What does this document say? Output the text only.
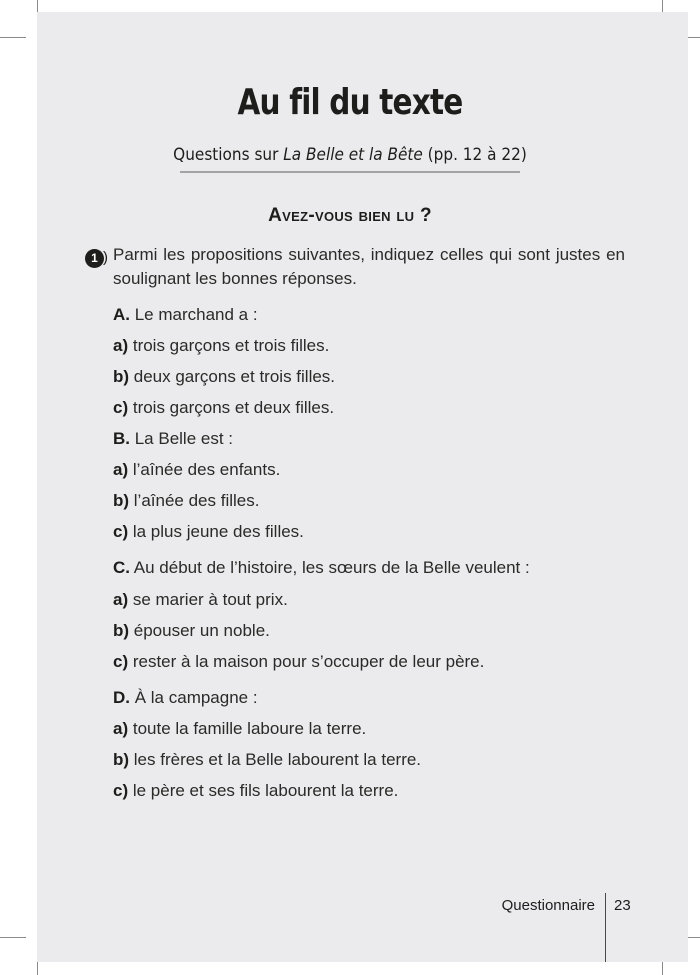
Au fil du texte
Questions sur La Belle et la Bête (pp. 12 à 22)
Avez-vous bien lu ?
1 ) Parmi les propositions suivantes, indiquez celles qui sont justes en soulignant les bonnes réponses.
A. Le marchand a :
a) trois garçons et trois filles.
b) deux garçons et trois filles.
c) trois garçons et deux filles.
B. La Belle est :
a) l’aînée des enfants.
b) l’aînée des filles.
c) la plus jeune des filles.
C. Au début de l’histoire, les sœurs de la Belle veulent :
a) se marier à tout prix.
b) épouser un noble.
c) rester à la maison pour s’occuper de leur père.
D. À la campagne :
a) toute la famille laboure la terre.
b) les frères et la Belle labourent la terre.
c) le père et ses fils labourent la terre.
Questionnaire 23
